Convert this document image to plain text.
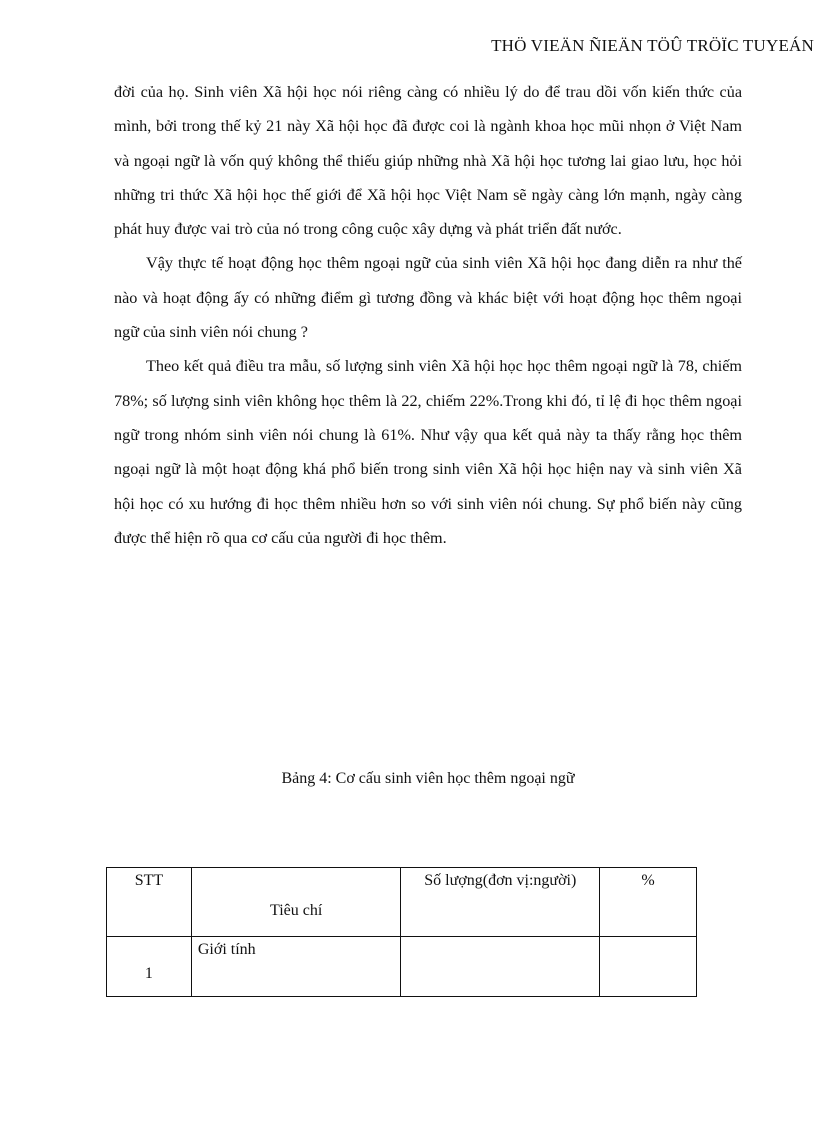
THÖ VIEÄN ÑIEÄN TÖÛ TRÖÏC TUYEÁN

đời của họ. Sinh viên Xã hội học nói riêng càng có nhiều lý do để trau dồi vốn kiến thức của mình, bởi trong thế kỷ 21 này Xã hội học đã được coi là ngành khoa học mũi nhọn ở Việt Nam và ngoại ngữ là vốn quý không thể thiếu giúp những nhà Xã hội học tương lai giao lưu, học hỏi những tri thức Xã hội học thế giới để Xã hội học Việt Nam sẽ ngày càng lớn mạnh, ngày càng phát huy được vai trò của nó trong công cuộc xây dựng và phát triển đất nước.

Vậy thực tế hoạt động học thêm ngoại ngữ của sinh viên Xã hội học đang diễn ra như thế nào và hoạt động ấy có những điểm gì tương đồng và khác biệt với hoạt động học thêm ngoại ngữ của sinh viên nói chung ?

Theo kết quả điều tra mẫu, số lượng sinh viên Xã hội học học thêm ngoại ngữ là 78, chiếm 78%; số lượng sinh viên không học thêm là 22, chiếm 22%.Trong khi đó, tỉ lệ đi học thêm ngoại ngữ trong nhóm sinh viên nói chung là 61%. Như vậy qua kết quả này ta thấy rằng học thêm ngoại ngữ là một hoạt động khá phổ biến trong sinh viên Xã hội học hiện nay và sinh viên Xã hội học có xu hướng đi học thêm nhiều hơn so với sinh viên nói chung. Sự phổ biến này cũng được thể hiện rõ qua cơ cấu của người đi học thêm.

Bảng 4: Cơ cấu sinh viên học thêm ngoại ngữ
STT	Tiêu chí	Số lượng(đơn vị:người)	%

1	Giới tính		
